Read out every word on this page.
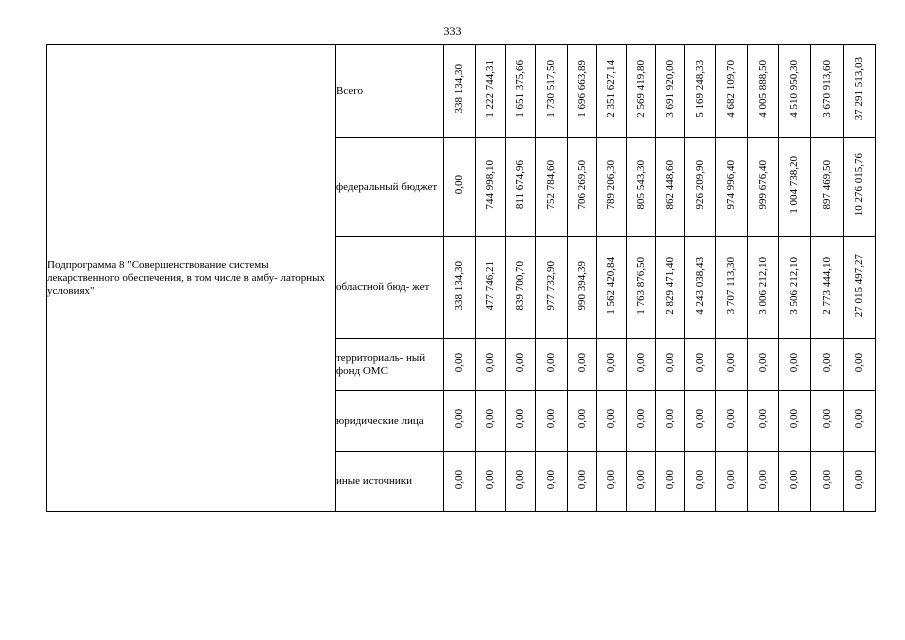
333
Подпрограмма 8 "Совершенствование системы лекарственного обеспечения, в том числе в амбу- латорных условиях"	Всего	338 134,30	1 222 744,31	1 651 375,66	1 730 517,50	1 696 663,89	2 351 627,14	2 569 419,80	3 691 920,00	5 169 248,33	4 682 109,70	4 005 888,50	4 510 950,30	3 670 913,60	37 291 513,03
	федеральный бюджет	0,00	744 998,10	811 674,96	752 784,60	706 269,50	789 206,30	805 543,30	862 448,60	926 209,90	974 996,40	999 676,40	1 004 738,20	897 469,50	10 276 015,76
	областной бюд- жет	338 134,30	477 746,21	839 700,70	977 732,90	990 394,39	1 562 420,84	1 763 876,50	2 829 471,40	4 243 038,43	3 707 113,30	3 006 212,10	3 506 212,10	2 773 444,10	27 015 497,27
	территориаль- ный фонд ОМС	0,00	0,00	0,00	0,00	0,00	0,00	0,00	0,00	0,00	0,00	0,00	0,00	0,00	0,00
	юридические лица	0,00	0,00	0,00	0,00	0,00	0,00	0,00	0,00	0,00	0,00	0,00	0,00	0,00	0,00
	иные источники	0,00	0,00	0,00	0,00	0,00	0,00	0,00	0,00	0,00	0,00	0,00	0,00	0,00	0,00
